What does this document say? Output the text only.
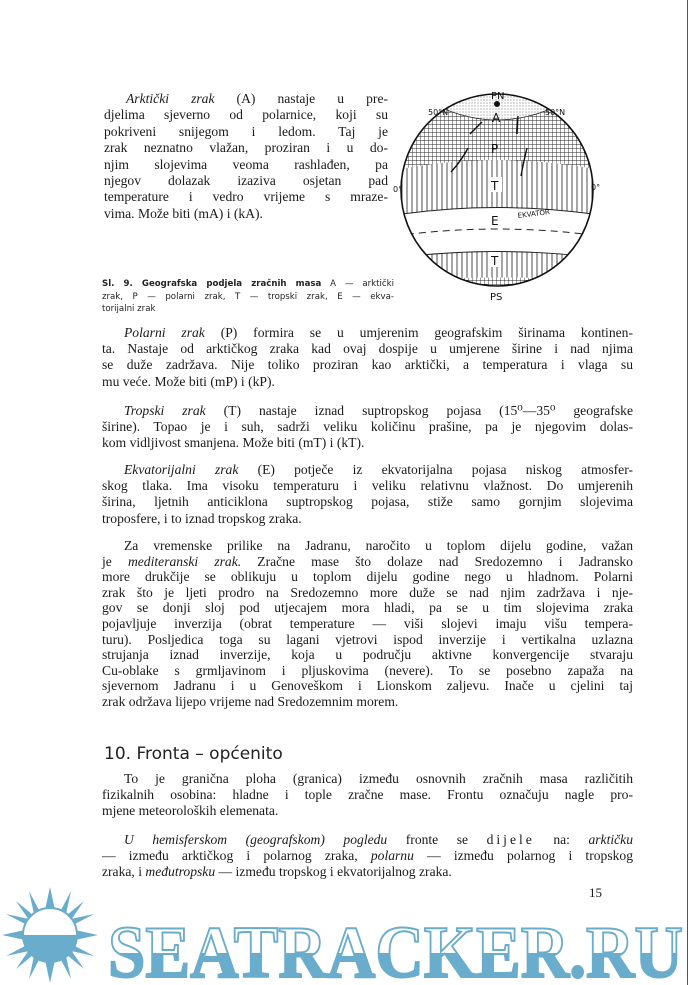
Arktički zrak (A) nastaje u pre-
djelima sjeverno od polarnice, koji su
pokriveni snijegom i ledom. Taj je
zrak neznatno vlažan, proziran i u do-
njim slojevima veoma rashlađen, pa
njegov dolazak izaziva osjetan pad
temperature i vedro vrijeme s mraze-
vima. Može biti (mA) i (kA).
PN
50°N	50°N
A
P
T
0°	0°
E	EKVATOR
T
PS
Sl. 9. Geografska podjela zračnih masa A — arktički
zrak, P — polarni zrak, T — tropski zrak, E — ekva-
torijalni zrak
Polarni zrak (P) formira se u umjerenim geografskim širinama kontinen-
ta. Nastaje od arktičkog zraka kad ovaj dospije u umjerene širine i nad njima
se duže zadržava. Nije toliko proziran kao arktički, a temperatura i vlaga su
mu veće. Može biti (mP) i (kP).
Tropski zrak (T) nastaje iznad suptropskog pojasa (15⁰—35⁰ geografske
širine). Topao je i suh, sadrži veliku količinu prašine, pa je njegovim dolas-
kom vidljivost smanjena. Može biti (mT) i (kT).
Ekvatorijalni zrak (E) potječe iz ekvatorijalna pojasa niskog atmosfer-
skog tlaka. Ima visoku temperaturu i veliku relativnu vlažnost. Do umjerenih
širina, ljetnih anticiklona suptropskog pojasa, stiže samo gornjim slojevima
troposfere, i to iznad tropskog zraka.
Za vremenske prilike na Jadranu, naročito u toplom dijelu godine, važan
je mediteranski zrak. Zračne mase što dolaze nad Sredozemno i Jadransko
more drukčije se oblikuju u toplom dijelu godine nego u hladnom. Polarni
zrak što je ljeti prodro na Sredozemno more duže se nad njim zadržava i nje-
gov se donji sloj pod utjecajem mora hladi, pa se u tim slojevima zraka
pojavljuje inverzija (obrat temperature — viši slojevi imaju višu tempera-
turu). Posljedica toga su lagani vjetrovi ispod inverzije i vertikalna uzlazna
strujanja iznad inverzije, koja u području aktivne konvergencije stvaraju
Cu-oblake s grmljavinom i pljuskovima (nevere). To se posebno zapaža na
sjevernom Jadranu i u Genoveškom i Lionskom zaljevu. Inače u cjelini taj
zrak održava lijepo vrijeme nad Sredozemnim morem.
10. Fronta – općenito
To je granična ploha (granica) između osnovnih zračnih masa različitih
fizikalnih osobina: hladne i tople zračne mase. Frontu označuju nagle pro-
mjene meteoroloških elemenata.
U hemisferskom (geografskom) pogledu fronte se dijele na: arktičku
— između arktičkog i polarnog zraka, polarnu — između polarnog i tropskog
zraka, i međutropsku — između tropskog i ekvatorijalnog zraka.
15
SEATRACKER.RU
